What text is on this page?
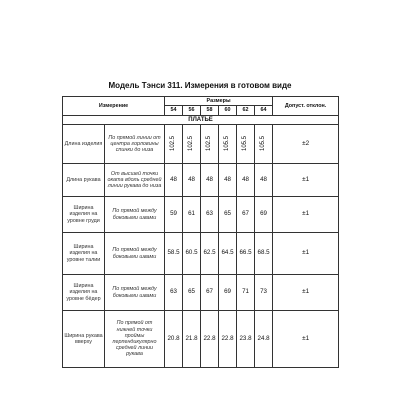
Модель Тэнси 311. Измерения в готовом виде
Измерение		Размеры						Допуст. отклон.
		54	56	58	60	62	64	
ПЛАТЬЕ								
Длина изделия	По прямой линии от центра горловины спинки до низа	102.5	102.5	102.5	105.5	105.5	105.5	±2
Длина рукава	От высшей точки оката вдоль средней линии рукава до низа	48	48	48	48	48	48	±1
Ширина изделия на уровне груди	По прямой между боковыми швами	59	61	63	65	67	69	±1
Ширина изделия на уровне талии	По прямой между боковыми швами	58.5	60.5	62.5	64.5	66.5	68.5	±1
Ширина изделия на уровне бёдер	По прямой между боковыми швами	63	65	67	69	71	73	±1
Ширина рукава вверху	По прямой от нижней точки проймы перпендикулярно средней линии рукава	20.8	21.8	22.8	22.8	23.8	24.8	±1
